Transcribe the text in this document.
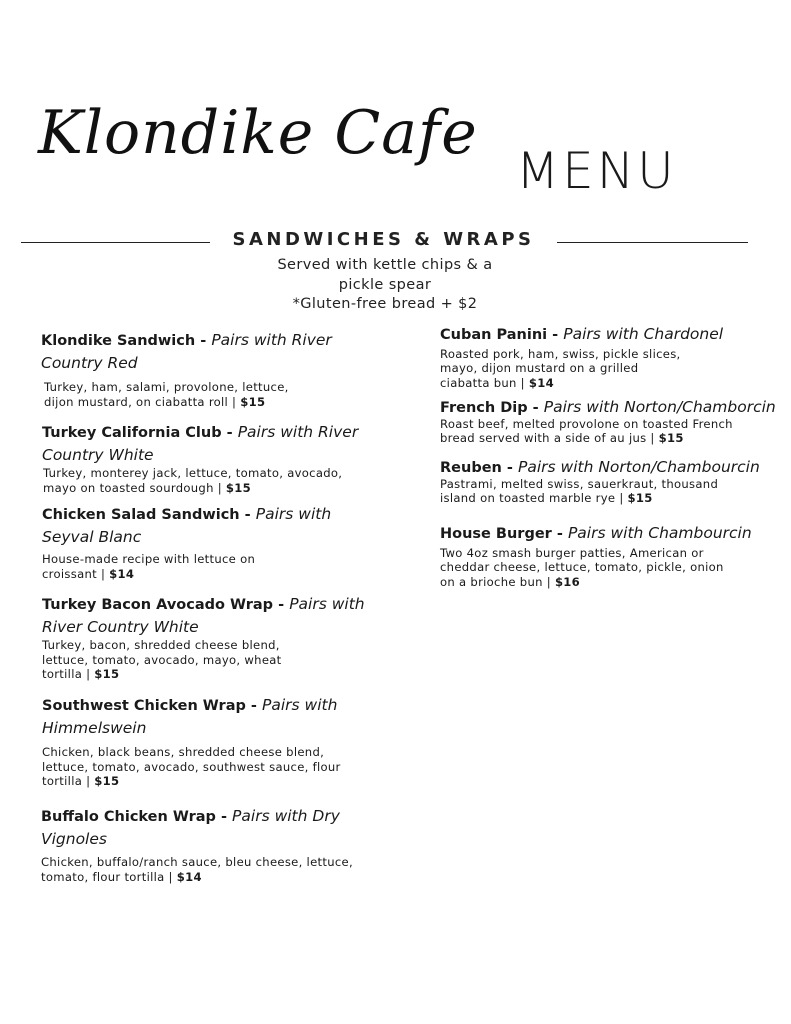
Klondike Cafe
MENU
SANDWICHES & WRAPS
Served with kettle chips & a
pickle spear
*Gluten-free bread + $2
Klondike Sandwich - Pairs with River Country Red
Turkey, ham, salami, provolone, lettuce,
dijon mustard, on ciabatta roll | $15
Turkey California Club - Pairs with River Country White
Turkey, monterey jack, lettuce, tomato, avocado,
mayo on toasted sourdough | $15
Chicken Salad Sandwich - Pairs with Seyval Blanc
House-made recipe with lettuce on
croissant | $14
Turkey Bacon Avocado Wrap - Pairs with River Country White
Turkey, bacon, shredded cheese blend,
lettuce, tomato, avocado, mayo, wheat
tortilla | $15
Southwest Chicken Wrap - Pairs with Himmelswein
Chicken, black beans, shredded cheese blend,
lettuce, tomato, avocado, southwest sauce, flour
tortilla | $15
Buffalo Chicken Wrap - Pairs with Dry Vignoles
Chicken, buffalo/ranch sauce, bleu cheese, lettuce,
tomato, flour tortilla | $14
Cuban Panini - Pairs with Chardonel
Roasted pork, ham, swiss, pickle slices,
mayo, dijon mustard on a grilled
ciabatta bun | $14
French Dip - Pairs with Norton/Chamborcin
Roast beef, melted provolone on toasted French
bread served with a side of au jus | $15
Reuben - Pairs with Norton/Chambourcin
Pastrami, melted swiss, sauerkraut, thousand
island on toasted marble rye | $15
House Burger - Pairs with Chambourcin
Two 4oz smash burger patties, American or
cheddar cheese, lettuce, tomato, pickle, onion
on a brioche bun | $16
